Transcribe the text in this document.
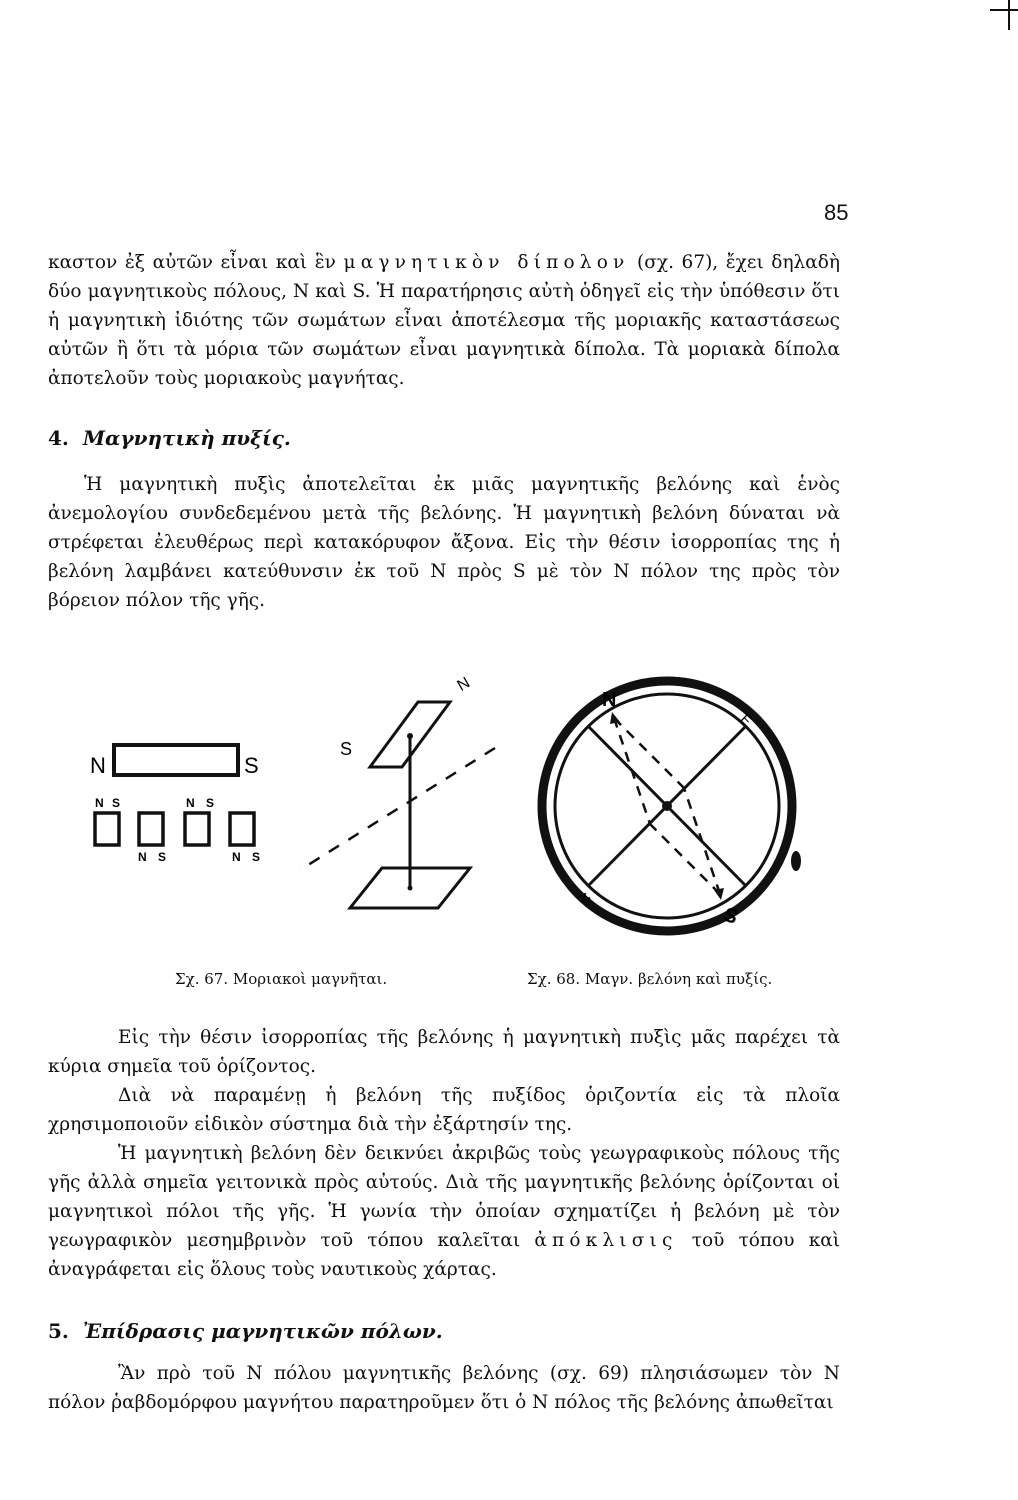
85
καστον ἐξ αὐτῶν εἶναι καὶ ἓν μαγνητικὸν δίπολον (σχ. 67), ἔχει δηλαδὴ δύο μαγνητικοὺς πόλους, Ν καὶ S. Ἡ παρατήρησις αὐτὴ ὁδηγεῖ εἰς τὴν ὑπόθεσιν ὅτι ἡ μαγνητικὴ ἰδιότης τῶν σωμάτων εἶναι ἀποτέλεσμα τῆς μοριακῆς καταστάσεως αὐτῶν ἢ ὅτι τὰ μόρια τῶν σωμάτων εἶναι μαγνητικὰ δίπολα. Τὰ μοριακὰ δίπολα ἀποτελοῦν τοὺς μοριακοὺς μαγνήτας.
4. Μαγνητικὴ πυξίς.
Ἡ μαγνητικὴ πυξὶς ἀποτελεῖται ἐκ μιᾶς μαγνητικῆς βελόνης καὶ ἑνὸς ἀνεμολογίου συνδεδεμένου μετὰ τῆς βελόνης. Ἡ μαγνητικὴ βελόνη δύναται νὰ στρέφεται ἐλευθέρως περὶ κατακόρυφον ἄξονα. Εἰς τὴν θέσιν ἰσορροπίας της ἡ βελόνη λαμβάνει κατεύθυνσιν ἐκ τοῦ Ν πρὸς S μὲ τὸν Ν πόλον της πρὸς τὸν βόρειον πόλον τῆς γῆς.
N	S
N S	N S
N S	N S
N
S
N
E
S
W
Σχ. 67. Μοριακοὶ μαγνῆται.	Σχ. 68. Μαγν. βελόνη καὶ πυξίς.
Εἰς τὴν θέσιν ἰσορροπίας τῆς βελόνης ἡ μαγνητικὴ πυξὶς μᾶς παρέχει τὰ κύρια σημεῖα τοῦ ὁρίζοντος.
Διὰ νὰ παραμένῃ ἡ βελόνη τῆς πυξίδος ὁριζοντία εἰς τὰ πλοῖα χρησιμοποιοῦν εἰδικὸν σύστημα διὰ τὴν ἐξάρτησίν της.
Ἡ μαγνητικὴ βελόνη δὲν δεικνύει ἀκριβῶς τοὺς γεωγραφικοὺς πόλους τῆς γῆς ἀλλὰ σημεῖα γειτονικὰ πρὸς αὐτούς. Διὰ τῆς μαγνητικῆς βελόνης ὁρίζονται οἱ μαγνητικοὶ πόλοι τῆς γῆς. Ἡ γωνία τὴν ὁποίαν σχηματίζει ἡ βελόνη μὲ τὸν γεωγραφικὸν μεσημβρινὸν τοῦ τόπου καλεῖται ἀπόκλισις τοῦ τόπου καὶ ἀναγράφεται εἰς ὅλους τοὺς ναυτικοὺς χάρτας.
5. Ἐπίδρασις μαγνητικῶν πόλων.
Ἂν πρὸ τοῦ Ν πόλου μαγνητικῆς βελόνης (σχ. 69) πλησιάσωμεν τὸν Ν πόλον ῥαβδομόρφου μαγνήτου παρατηροῦμεν ὅτι ὁ Ν πόλος τῆς βελόνης ἀπωθεῖται
